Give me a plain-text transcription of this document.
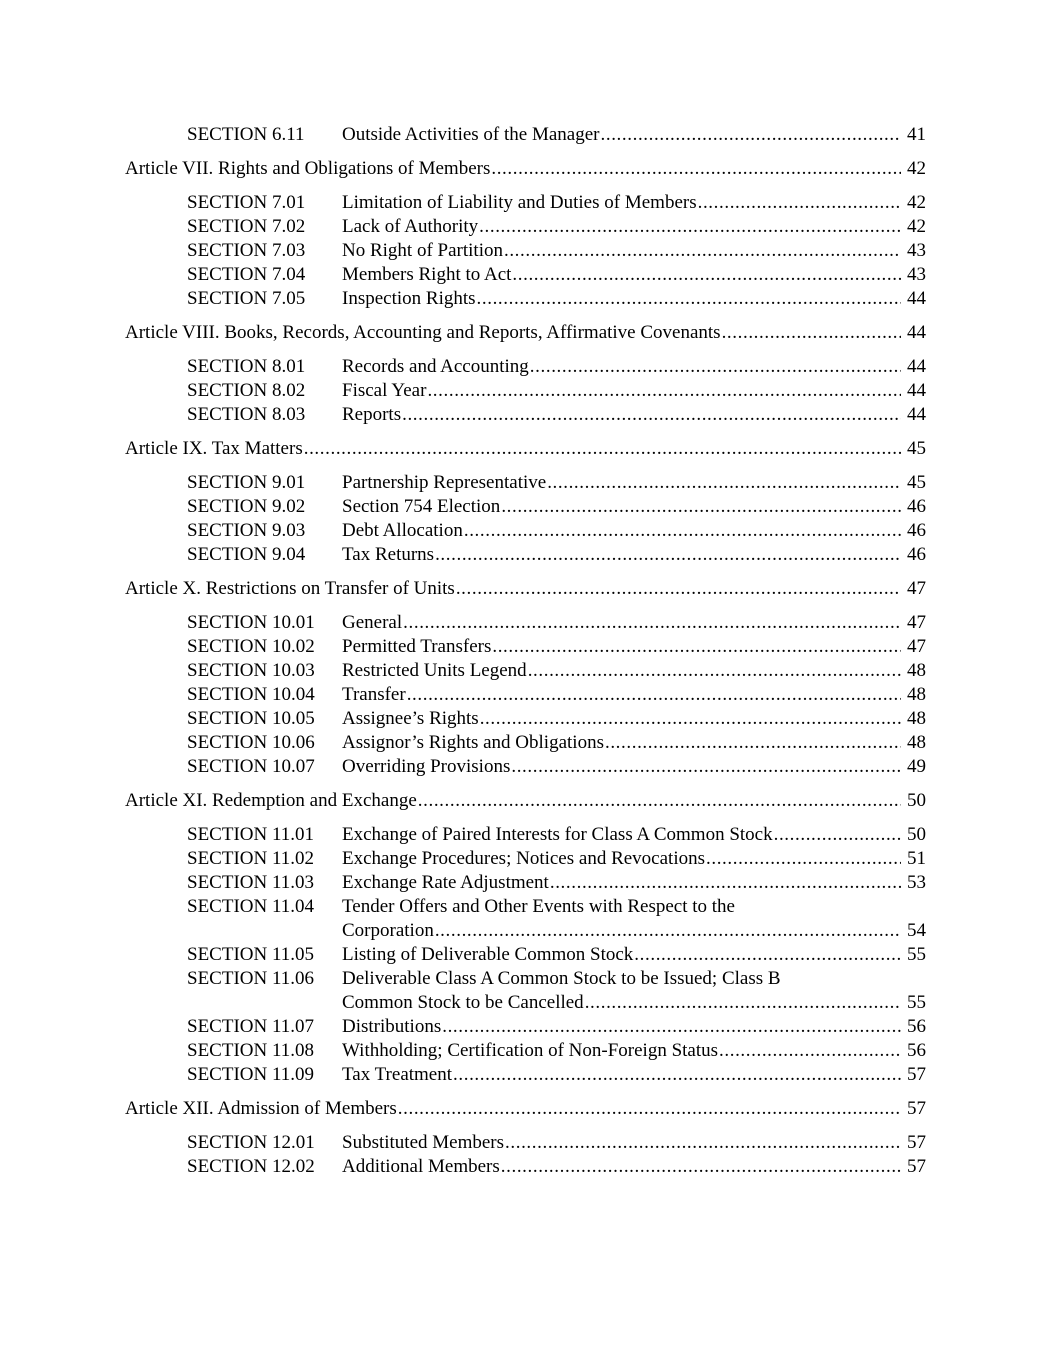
SECTION 6.11 Outside Activities of the Manager .....	41
Article VII. Rights and Obligations of Members .....	42
SECTION 7.01 Limitation of Liability and Duties of Members .....	42
SECTION 7.02 Lack of Authority .....	42
SECTION 7.03 No Right of Partition .....	43
SECTION 7.04 Members Right to Act .....	43
SECTION 7.05 Inspection Rights .....	44
Article VIII. Books, Records, Accounting and Reports, Affirmative Covenants .....	44
SECTION 8.01 Records and Accounting .....	44
SECTION 8.02 Fiscal Year .....	44
SECTION 8.03 Reports .....	44
Article IX. Tax Matters .....	45
SECTION 9.01 Partnership Representative .....	45
SECTION 9.02 Section 754 Election .....	46
SECTION 9.03 Debt Allocation .....	46
SECTION 9.04 Tax Returns .....	46
Article X. Restrictions on Transfer of Units .....	47
SECTION 10.01 General .....	47
SECTION 10.02 Permitted Transfers .....	47
SECTION 10.03 Restricted Units Legend .....	48
SECTION 10.04 Transfer .....	48
SECTION 10.05 Assignee’s Rights .....	48
SECTION 10.06 Assignor’s Rights and Obligations .....	48
SECTION 10.07 Overriding Provisions .....	49
Article XI. Redemption and Exchange .....	50
SECTION 11.01 Exchange of Paired Interests for Class A Common Stock .....	50
SECTION 11.02 Exchange Procedures; Notices and Revocations .....	51
SECTION 11.03 Exchange Rate Adjustment .....	53
SECTION 11.04 Tender Offers and Other Events with Respect to the
Corporation .....	54
SECTION 11.05 Listing of Deliverable Common Stock .....	55
SECTION 11.06 Deliverable Class A Common Stock to be Issued; Class B
Common Stock to be Cancelled .....	55
SECTION 11.07 Distributions .....	56
SECTION 11.08 Withholding; Certification of Non-Foreign Status .....	56
SECTION 11.09 Tax Treatment .....	57
Article XII. Admission of Members .....	57
SECTION 12.01 Substituted Members .....	57
SECTION 12.02 Additional Members .....	57
